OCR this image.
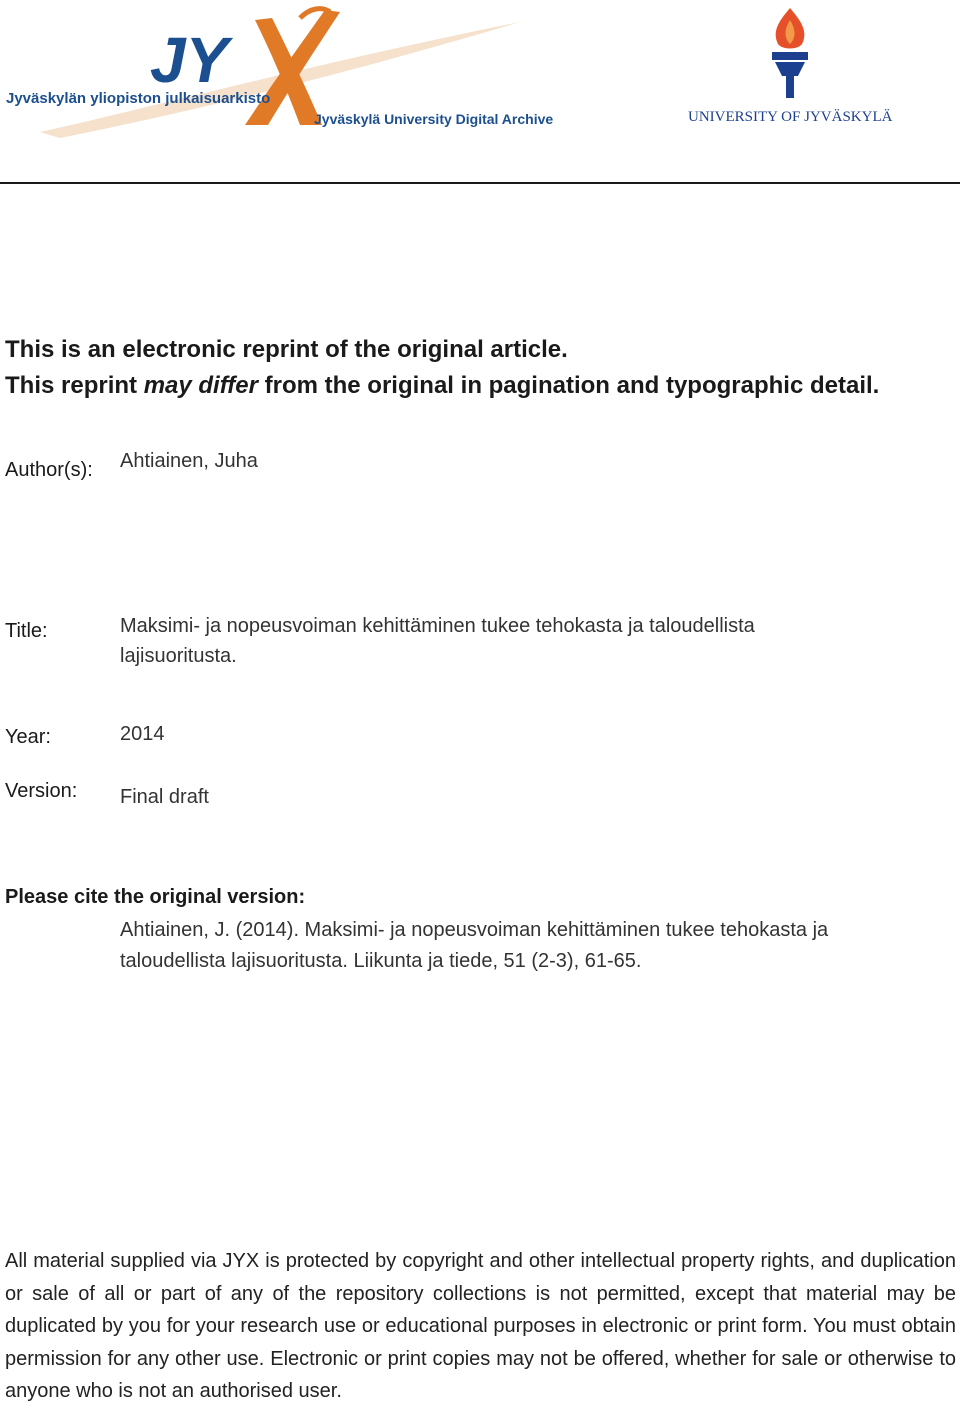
JY
Jyväskylän yliopiston julkaisuarkisto
Jyväskylä University Digital Archive	UNIVERSITY OF JYVÄSKYLÄ
This is an electronic reprint of the original article.
This reprint may differ from the original in pagination and typographic detail.
Author(s): Ahtiainen, Juha
Title:	Maksimi- ja nopeusvoiman kehittäminen tukee tehokasta ja taloudellista lajisuoritusta.
Year:	2014
Version: Final draft
Please cite the original version:
Ahtiainen, J. (2014). Maksimi- ja nopeusvoiman kehittäminen tukee tehokasta ja taloudellista lajisuoritusta. Liikunta ja tiede, 51 (2-3), 61-65.
All material supplied via JYX is protected by copyright and other intellectual property rights, and duplication or sale of all or part of any of the repository collections is not permitted, except that material may be duplicated by you for your research use or educational purposes in electronic or print form. You must obtain permission for any other use. Electronic or print copies may not be offered, whether for sale or otherwise to anyone who is not an authorised user.
